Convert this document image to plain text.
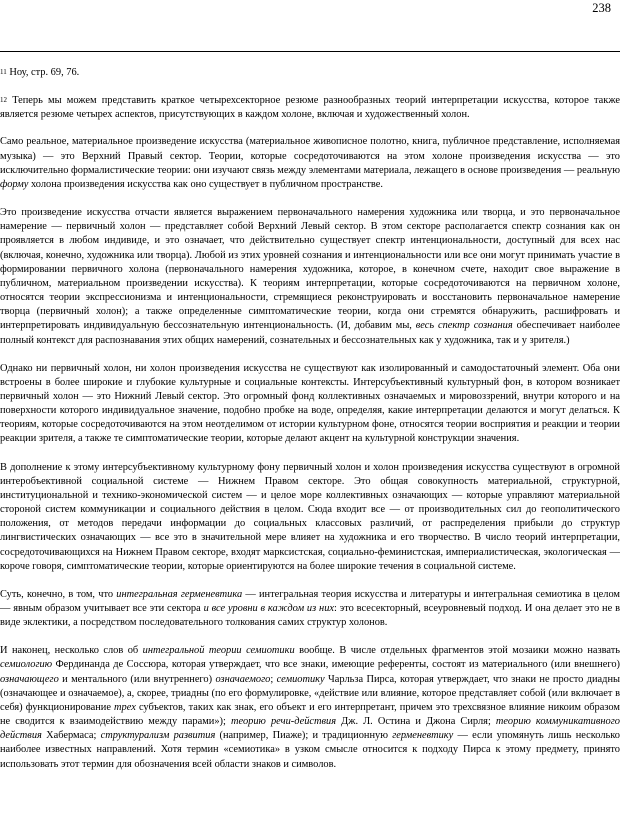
238

$^{11}$ Ноу, стр. 69, 76.

$^{12}$ Теперь мы можем представить краткое четырехсекторное резюме разнообразных теорий интерпретации искусства, которое также является резюме четырех аспектов, присутствующих в каждом холоне, включая и художественный холон.

Само реальное, материальное произведение искусства (материальное живописное полотно, книга, публичное представление, исполняемая музыка) — это Верхний Правый сектор. Теории, которые сосредоточиваются на этом холоне произведения искусства — это исключительно формалистические теории: они изучают связь между элементами материала, лежащего в основе произведения — реальную форму холона произведения искусства как оно существует в публичном пространстве.

Это произведение искусства отчасти является выражением первоначального намерения художника или творца, и это первоначальное намерение — первичный холон — представляет собой Верхний Левый сектор. В этом секторе располагается спектр сознания как он проявляется в любом индивиде, и это означает, что действительно существует спектр интенциональности, доступный для всех нас (включая, конечно, художника или творца). Любой из этих уровней сознания и интенциональности или все они могут принимать участие в формировании первичного холона (первоначального намерения художника, которое, в конечном счете, находит свое выражение в публичном, материальном произведении искусства). К теориям интерпретации, которые сосредоточиваются на первичном холоне, относятся теории экспрессионизма и интенциональности, стремящиеся реконструировать и восстановить первоначальное намерение творца (первичный холон); а также определенные симптоматические теории, когда они стремятся обнаружить, расшифровать и интерпретировать индивидуальную бессознательную интенциональность. (И, добавим мы, весь спектр сознания обеспечивает наиболее полный контекст для распознавания этих общих намерений, сознательных и бессознательных как у художника, так и у зрителя.)

Однако ни первичный холон, ни холон произведения искусства не существуют как изолированный и самодостаточный элемент. Оба они встроены в более широкие и глубокие культурные и социальные контексты. Интерсубъективный культурный фон, в котором возникает первичный холон — это Нижний Левый сектор. Это огромный фонд коллективных означаемых и мировоззрений, внутри которого и на поверхности которого индивидуальное значение, подобно пробке на воде, определяя, какие интерпретации делаются и могут делаться. К теориям, которые сосредоточиваются на этом неотделимом от истории культурном фоне, относятся теории восприятия и реакции и теории реакции зрителя, а также те симптоматические теории, которые делают акцент на культурной конструкции значения.

В дополнение к этому интерсубъективному культурному фону первичный холон и холон произведения искусства существуют в огромной интеробъективной социальной системе — Нижнем Правом секторе. Это общая совокупность материальной, структурной, институциональной и технико-экономической систем — и целое море коллективных означающих — которые управляют материальной стороной систем коммуникации и социального действия в целом. Сюда входит все — от производительных сил до геополитического положения, от методов передачи информации до социальных классовых различий, от распределения прибыли до структур лингвистических означающих — все это в значительной мере влияет на художника и его творчество. В число теорий интерпретации, сосредоточивающихся на Нижнем Правом секторе, входят марксистская, социально-феминистская, империалистическая, экологическая — короче говоря, симптоматические теории, которые ориентируются на более широкие течения в социальной системе.

Суть, конечно, в том, что интегральная герменевтика — интегральная теория искусства и литературы и интегральная семиотика в целом — явным образом учитывает все эти сектора и все уровни в каждом из них: это всесекторный, всеуровневый подход. И она делает это не в виде эклектики, а посредством последовательного толкования самих структур холонов.

И наконец, несколько слов об интегральной теории семиотики вообще. В числе отдельных фрагментов этой мозаики можно назвать семиологию Фердинанда де Соссюра, которая утверждает, что все знаки, имеющие референты, состоят из материального (или внешнего) означающего и ментального (или внутреннего) означаемого; семиотику Чарльза Пирса, которая утверждает, что знаки не просто диадны (означающее и означаемое), а, скорее, триадны (по его формулировке, «действие или влияние, которое представляет собой (или включает в себя) функционирование трех субъектов, таких как знак, его объект и его интерпретант, причем это трехсвязное влияние никоим образом не сводится к взаимодействию между парами»); теорию речи-действия Дж. Л. Остина и Джона Сирля; теорию коммуникативного действия Хабермаса; структурализм развития (например, Пиаже); и традиционную герменевтику — если упомянуть лишь несколько наиболее известных направлений. Хотя термин «семиотика» в узком смысле относится к подходу Пирса к этому предмету, принято использовать этот термин для обозначения всей области знаков и символов.
